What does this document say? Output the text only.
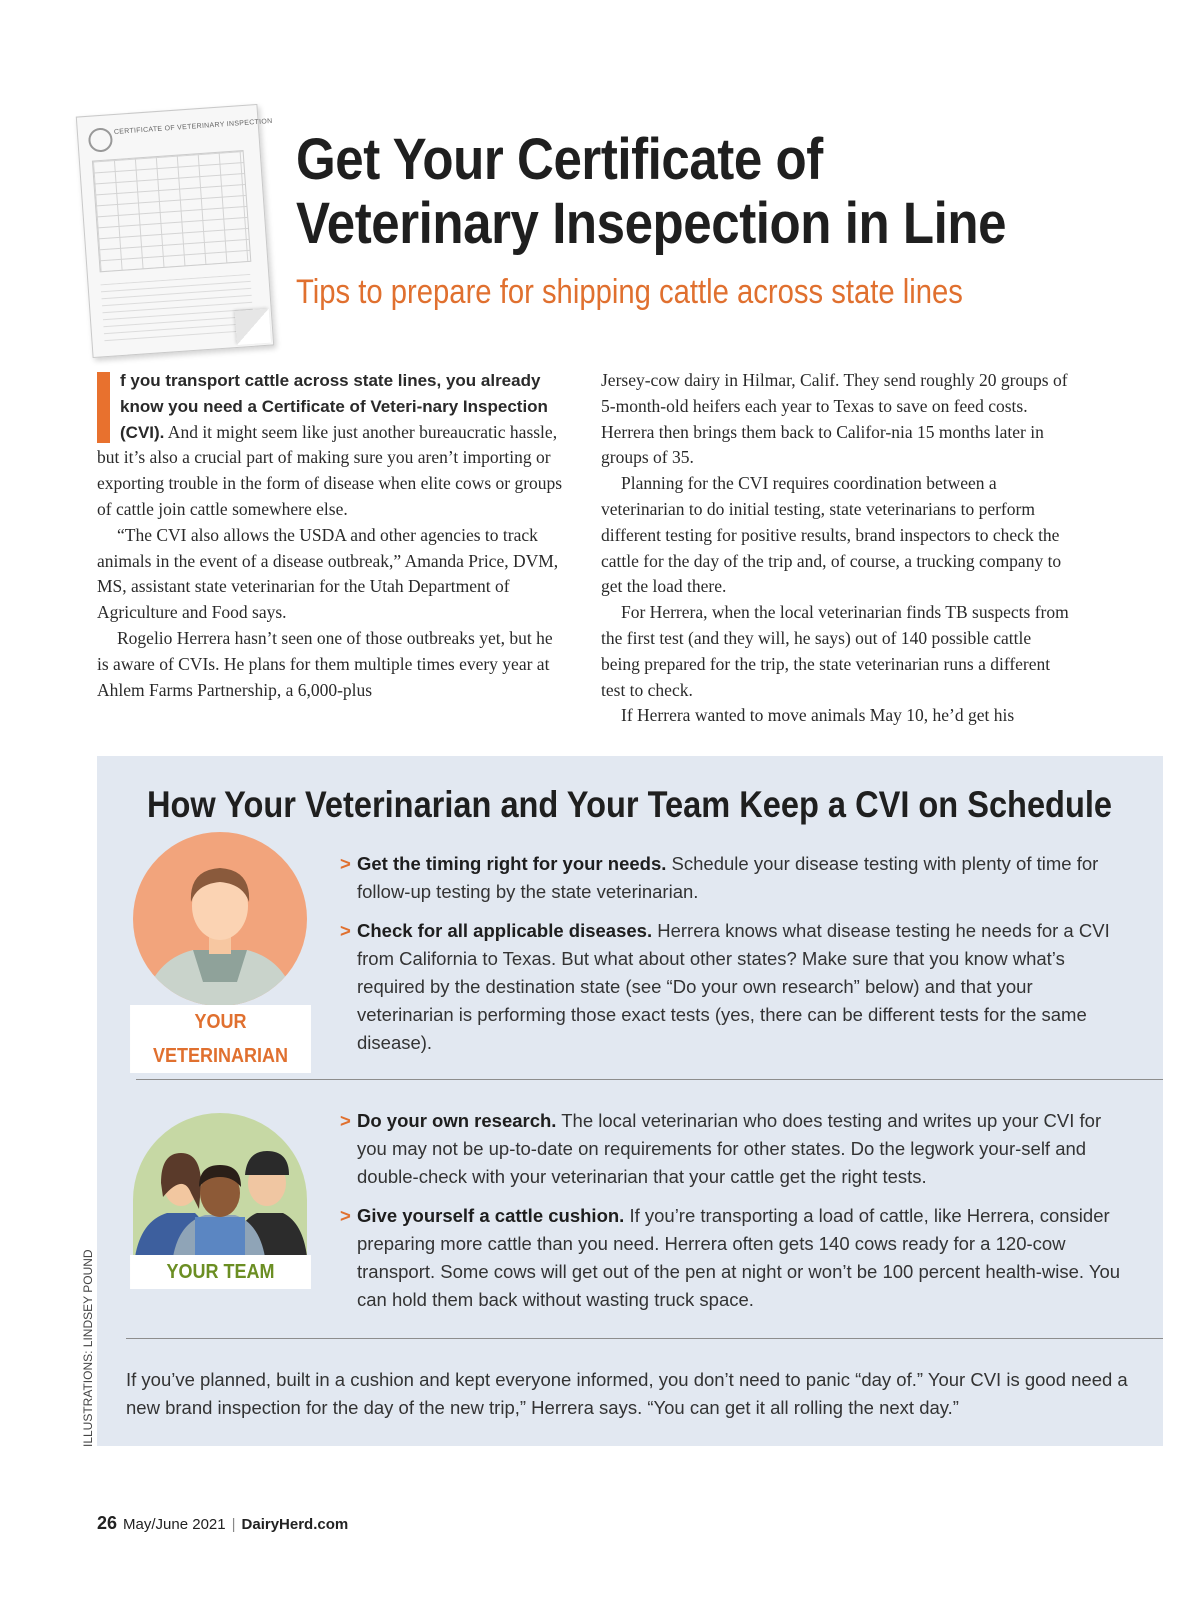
CERTIFICATE OF VETERINARY INSPECTION
Get Your Certificate of
Veterinary Insepection in Line
Tips to prepare for shipping cattle across state lines

f you transport cattle across state lines, you already know you need a Certificate of Veteri-nary Inspection (CVI). And it might seem like just another bureaucratic hassle, but it’s also a crucial part of making sure you aren’t importing or exporting trouble in the form of disease when elite cows or groups of cattle join cattle somewhere else.

“The CVI also allows the USDA and other agencies to track animals in the event of a disease outbreak,” Amanda Price, DVM, MS, assistant state veterinarian for the Utah Department of Agriculture and Food says.

Rogelio Herrera hasn’t seen one of those outbreaks yet, but he is aware of CVIs. He plans for them multiple times every year at Ahlem Farms Partnership, a 6,000-plus

Jersey-cow dairy in Hilmar, Calif. They send roughly 20 groups of 5-month-old heifers each year to Texas to save on feed costs. Herrera then brings them back to Califor-nia 15 months later in groups of 35.

Planning for the CVI requires coordination between a veterinarian to do initial testing, state veterinarians to perform different testing for positive results, brand inspectors to check the cattle for the day of the trip and, of course, a trucking company to get the load there.

For Herrera, when the local veterinarian finds TB suspects from the first test (and they will, he says) out of 140 possible cattle being prepared for the trip, the state veterinarian runs a different test to check.

If Herrera wanted to move animals May 10, he’d get his

How Your Veterinarian and Your Team Keep a CVI on Schedule
YOUR VETERINARIAN
> Get the timing right for your needs. Schedule your disease testing with plenty of time for follow-up testing by the state veterinarian.
> Check for all applicable diseases. Herrera knows what disease testing he needs for a CVI from California to Texas. But what about other states? Make sure that you know what’s required by the destination state (see “Do your own research” below) and that your veterinarian is performing those exact tests (yes, there can be different tests for the same disease).
YOUR TEAM
> Do your own research. The local veterinarian who does testing and writes up your CVI for you may not be up-to-date on requirements for other states. Do the legwork your-self and double-check with your veterinarian that your cattle get the right tests.
> Give yourself a cattle cushion. If you’re transporting a load of cattle, like Herrera, consider preparing more cattle than you need. Herrera often gets 140 cows ready for a 120-cow transport. Some cows will get out of the pen at night or won’t be 100 percent health-wise. You can hold them back without wasting truck space.
If you’ve planned, built in a cushion and kept everyone informed, you don’t need to panic “day of.” Your CVI is good need a new brand inspection for the day of the new trip,” Herrera says. “You can get it all rolling the next day.”
ILLUSTRATIONS: LINDSEY POUND
26 May/June 2021 | DairyHerd.com
